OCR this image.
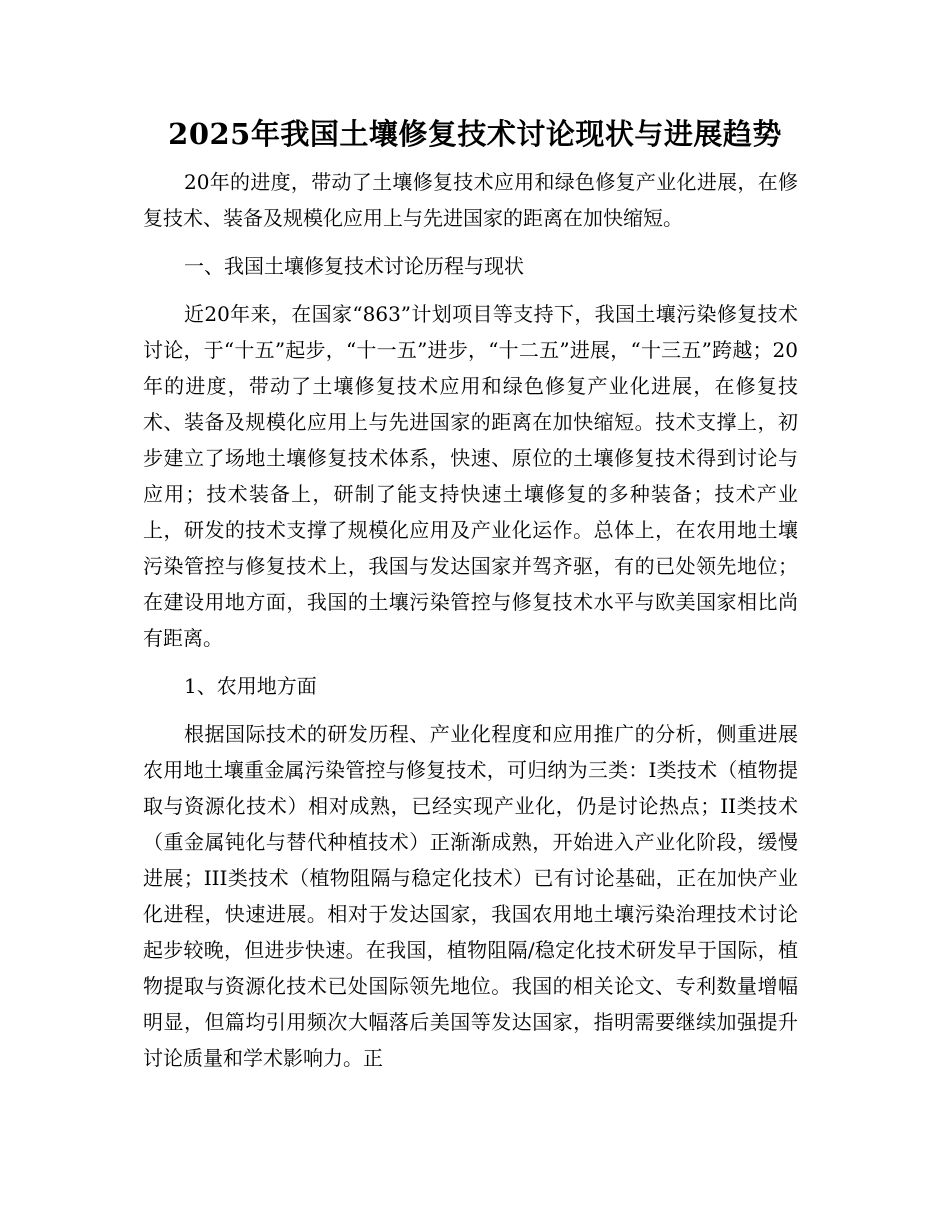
2025年我国土壤修复技术讨论现状与进展趋势

20年的进度，带动了土壤修复技术应用和绿色修复产业化进展，在修复技术、装备及规模化应用上与先进国家的距离在加快缩短。

一、我国土壤修复技术讨论历程与现状

近20年来，在国家“863”计划项目等支持下，我国土壤污染修复技术讨论，于“十五”起步，“十一五”进步，“十二五”进展，“十三五”跨越；20年的进度，带动了土壤修复技术应用和绿色修复产业化进展，在修复技术、装备及规模化应用上与先进国家的距离在加快缩短。技术支撑上，初步建立了场地土壤修复技术体系，快速、原位的土壤修复技术得到讨论与应用；技术装备上，研制了能支持快速土壤修复的多种装备；技术产业上，研发的技术支撑了规模化应用及产业化运作。总体上，在农用地土壤污染管控与修复技术上，我国与发达国家并驾齐驱，有的已处领先地位；在建设用地方面，我国的土壤污染管控与修复技术水平与欧美国家相比尚有距离。

1、农用地方面

根据国际技术的研发历程、产业化程度和应用推广的分析，侧重进展农用地土壤重金属污染管控与修复技术，可归纳为三类：I类技术（植物提取与资源化技术）相对成熟，已经实现产业化，仍是讨论热点；II类技术（重金属钝化与替代种植技术）正渐渐成熟，开始进入产业化阶段，缓慢进展；III类技术（植物阻隔与稳定化技术）已有讨论基础，正在加快产业化进程，快速进展。相对于发达国家，我国农用地土壤污染治理技术讨论起步较晚，但进步快速。在我国，植物阻隔/稳定化技术研发早于国际，植物提取与资源化技术已处国际领先地位。我国的相关论文、专利数量增幅明显，但篇均引用频次大幅落后美国等发达国家，指明需要继续加强提升讨论质量和学术影响力。正
